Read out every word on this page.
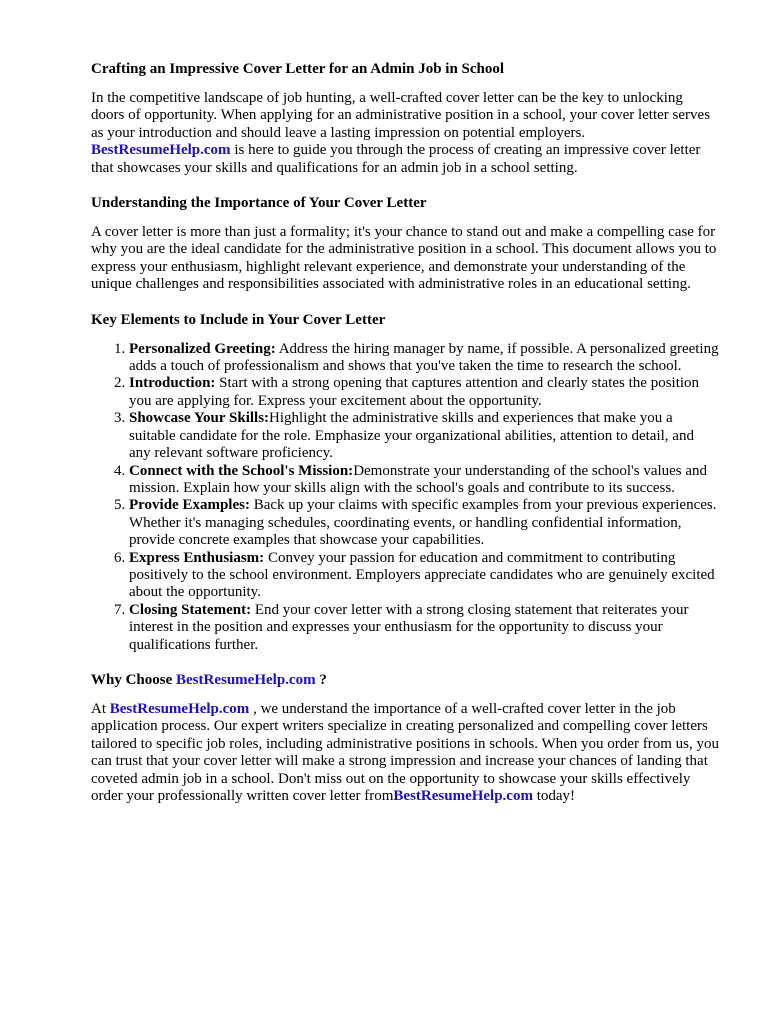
Crafting an Impressive Cover Letter for an Admin Job in School

In the competitive landscape of job hunting, a well-crafted cover letter can be the key to unlocking doors of opportunity. When applying for an administrative position in a school, your cover letter serves as your introduction and should leave a lasting impression on potential employers.
BestResumeHelp.com is here to guide you through the process of creating an impressive cover letter that showcases your skills and qualifications for an admin job in a school setting.

Understanding the Importance of Your Cover Letter

A cover letter is more than just a formality; it's your chance to stand out and make a compelling case for why you are the ideal candidate for the administrative position in a school. This document allows you to express your enthusiasm, highlight relevant experience, and demonstrate your understanding of the unique challenges and responsibilities associated with administrative roles in an educational setting.

Key Elements to Include in Your Cover Letter
1. Personalized Greeting: Address the hiring manager by name, if possible. A personalized greeting adds a touch of professionalism and shows that you've taken the time to research the school.
2. Introduction: Start with a strong opening that captures attention and clearly states the position you are applying for. Express your excitement about the opportunity.
3. Showcase Your Skills:Highlight the administrative skills and experiences that make you a suitable candidate for the role. Emphasize your organizational abilities, attention to detail, and any relevant software proficiency.
4. Connect with the School's Mission:Demonstrate your understanding of the school's values and mission. Explain how your skills align with the school's goals and contribute to its success.
5. Provide Examples: Back up your claims with specific examples from your previous experiences. Whether it's managing schedules, coordinating events, or handling confidential information, provide concrete examples that showcase your capabilities.
6. Express Enthusiasm: Convey your passion for education and commitment to contributing positively to the school environment. Employers appreciate candidates who are genuinely excited about the opportunity.
7. Closing Statement: End your cover letter with a strong closing statement that reiterates your interest in the position and expresses your enthusiasm for the opportunity to discuss your qualifications further.
Why Choose BestResumeHelp.com ?

At BestResumeHelp.com , we understand the importance of a well-crafted cover letter in the job application process. Our expert writers specialize in creating personalized and compelling cover letters tailored to specific job roles, including administrative positions in schools. When you order from us, you can trust that your cover letter will make a strong impression and increase your chances of landing that coveted admin job in a school. Don't miss out on the opportunity to showcase your skills effectively order your professionally written cover letter fromBestResumeHelp.com today!
